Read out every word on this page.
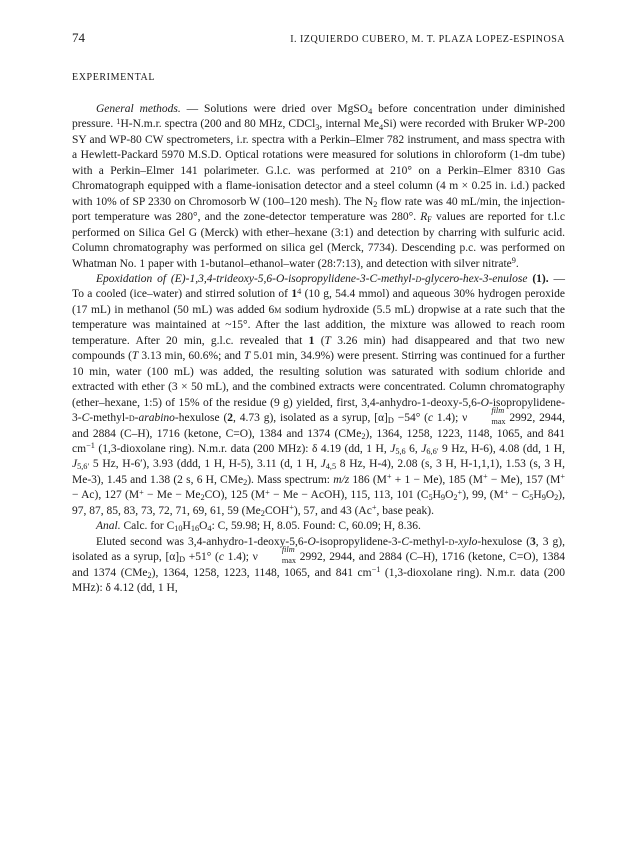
74	I. IZQUIERDO CUBERO, M. T. PLAZA LOPEZ-ESPINOSA
EXPERIMENTAL

General methods. — Solutions were dried over MgSO$_4$ before concentration under diminished pressure. $^1$H-N.m.r. spectra (200 and 80 MHz, CDCl$_3$, internal $Me_4Si$) were recorded with Bruker WP-200 SY and WP-80 CW spectrometers, i.r. spectra with a Perkin–Elmer 782 instrument, and mass spectra with a Hewlett-Packard 5970 M.S.D. Optical rotations were measured for solutions in chloroform (1-dm tube) with a Perkin–Elmer 141 polarimeter. G.l.c. was performed at 210° on a Perkin–Elmer 8310 Gas Chromatograph equipped with a flame-ionisation detector and a steel column (4 m × 0.25 in. i.d.) packed with 10% of SP 2330 on Chromosorb W (100–120 mesh). The $N_2$ flow rate was 40 mL/min, the injection-port temperature was 280°, and the zone-detector temperature was 280°. $R_F$ values are reported for t.l.c performed on Silica Gel G (Merck) with ether–hexane (3:1) and detection by charring with sulfuric acid. Column chromatography was performed on silica gel (Merck, 7734). Descending p.c. was performed on Whatman No. 1 paper with 1-butanol–ethanol–water (28:7:13), and detection with silver nitrate$^9$.

Epoxidation of (E)-1,3,4-trideoxy-5,6-O-isopropylidene-3-C-methyl-d-glycero-hex-3-enulose (1). — To a cooled (ice–water) and stirred solution of $1^4$ (10 g, 54.4 mmol) and aqueous 30% hydrogen peroxide (17 mL) in methanol (50 mL) was added 6m sodium hydroxide (5.5 mL) dropwise at a rate such that the temperature was maintained at ~15°. After the last addition, the mixture was allowed to reach room temperature. After 20 min, g.l.c. revealed that 1 (T 3.26 min) had disappeared and that two new compounds (T 3.13 min, 60.6%; and T 5.01 min, 34.9%) were present. Stirring was continued for a further 10 min, water (100 mL) was added, the resulting solution was saturated with sodium chloride and extracted with ether (3 × 50 mL), and the combined extracts were concentrated. Column chromatography (ether–hexane, 1:5) of 15% of the residue (9 g) yielded, first, 3,4-anhydro-1-deoxy-5,6-O-isopropylidene-3-C-methyl-d-arabino-hexulose (2, 4.73 g), isolated as a syrup, $[\alpha]_D -54^\circ$ (c 1.4); ν
film
$_{max}$ 2992, 2944, and 2884 (C–H), 1716 (ketone, C=O), 1384 and 1374 (CMe$_2$), 1364, 1258, 1223, 1148, 1065, and 841 $cm^{-1}$ (1,3-dioxolane ring). N.m.r. data (200 MHz): δ 4.19 (dd, 1 H, $J_{5,6}$ 6, $J_{6,6'}$ 9 Hz, H-6), 4.08 (dd, 1 H, $J_{5,6'}$ 5 Hz, H-6′), 3.93 (ddd, 1 H, H-5), 3.11 (d, 1 H, $J_{4,5}$ 8 Hz, H-4), 2.08 (s, 3 H, H-1,1,1), 1.53 (s, 3 H, Me-3), 1.45 and 1.38 (2 s, 6 H, CMe$_2$). Mass spectrum: m/z 186 (M+ + 1 − Me), 185 (M+ − Me), 157 (M+ − Ac), 127 $(M^+ - Me - Me_2CO)$, 125 (M+ − Me − AcOH), 115, 113, 101 $(C_5H_9O_2^+)$, 99, $(M^+ - C_5H_9O_2)$, 97, 87, 85, 83, 73, 72, 71, 69, 61, 59 $(Me_2COH^+)$, 57, and 43 (Ac+, base peak).

Anal. Calc. for $C_{10}H_{16}O_4$: C, 59.98; H, 8.05. Found: C, 60.09; H, 8.36.

Eluted second was 3,4-anhydro-1-deoxy-5,6-O-isopropylidene-3-C-methyl-d-xylo-hexulose (3, 3 g), isolated as a syrup, $[\alpha]_D +51^\circ$ (c 1.4); ν
film
$_{max}$ 2992, 2944, and 2884 (C–H), 1716 (ketone, C=O), 1384 and 1374 (CMe$_2$), 1364, 1258, 1223, 1148, 1065, and 841 $cm^{-1}$ (1,3-dioxolane ring). N.m.r. data (200 MHz): δ 4.12 (dd, 1 H,
